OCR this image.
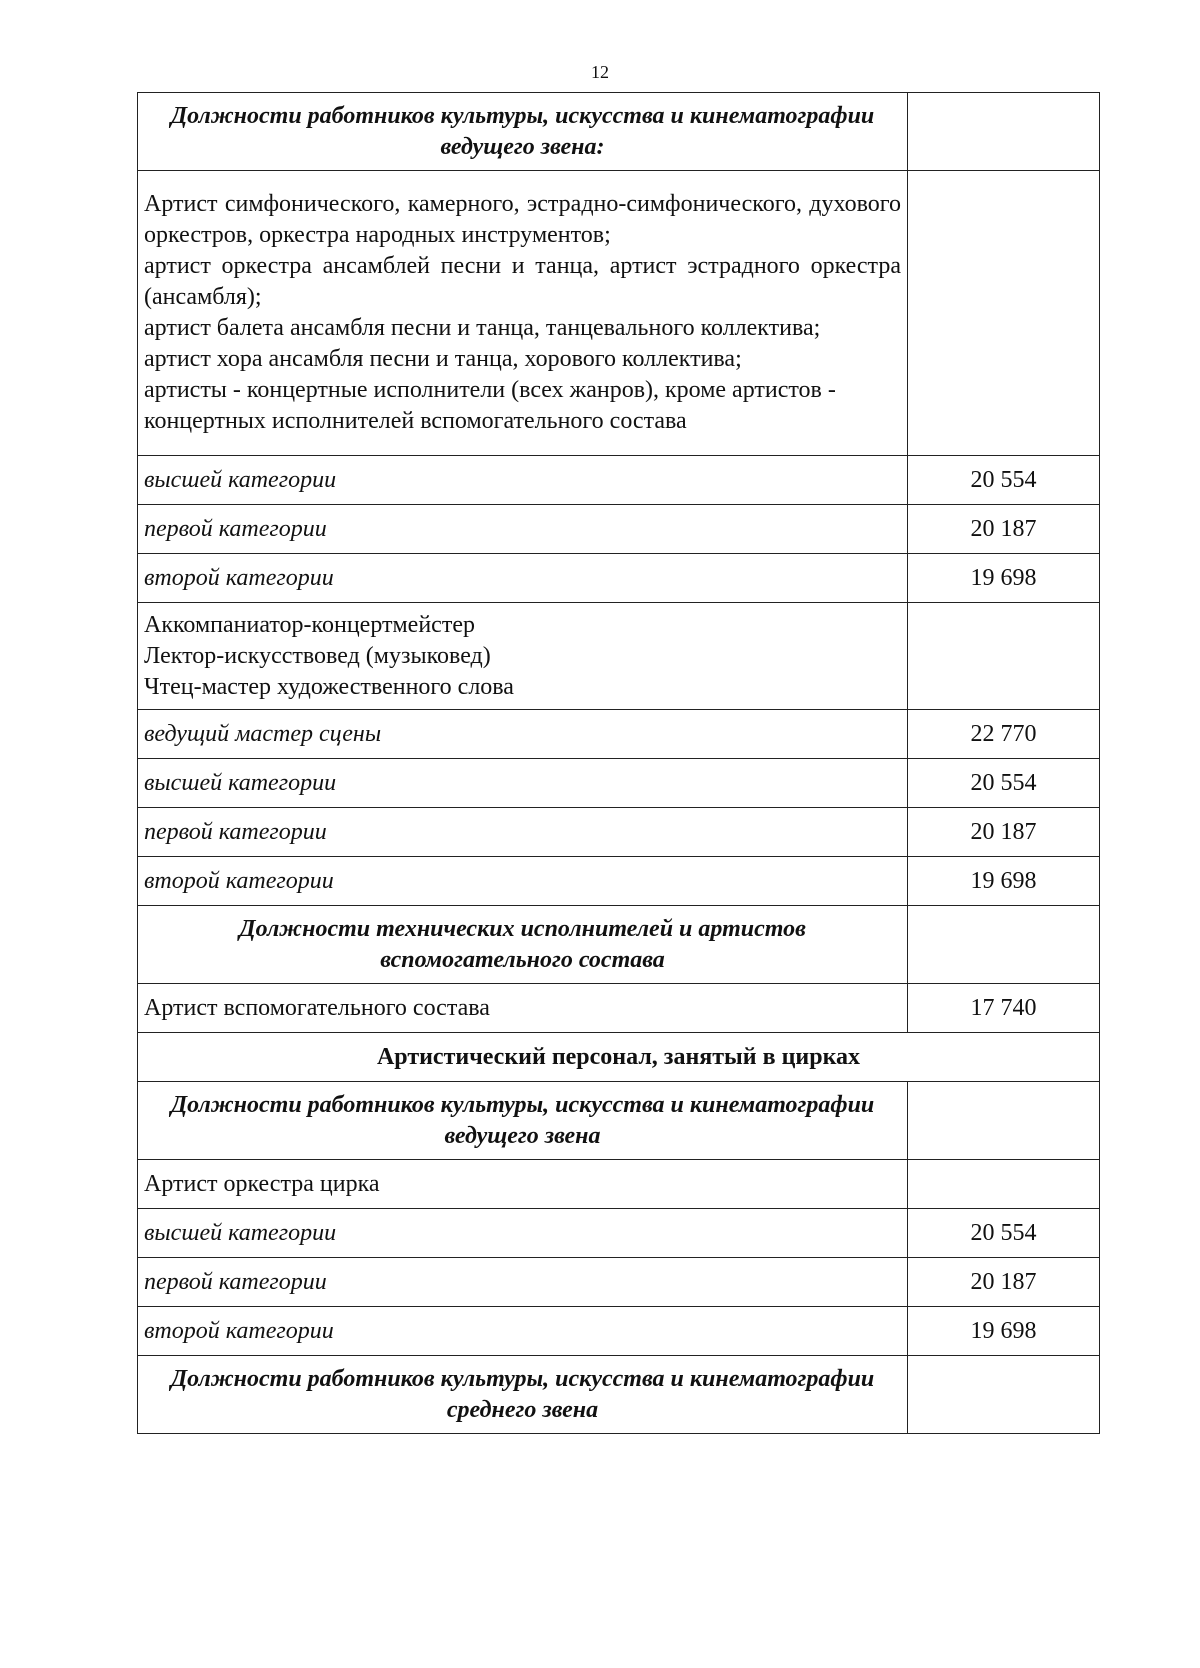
12
Должности работников культуры, искусства и кинематографии ведущего звена:	

Артист симфонического, камерного, эстрадно-симфонического, духового оркестров, оркестра народных инструментов;
артист оркестра ансамблей песни и танца, артист эстрадного оркестра (ансамбля);
артист балета ансамбля песни и танца, танцевального коллектива;
артист хора ансамбля песни и танца, хорового коллектива;
артисты - концертные исполнители (всех жанров), кроме артистов - концертных исполнителей вспомогательного состава	

высшей категории	20 554
первой категории	20 187
второй категории	19 698

Аккомпаниатор-концертмейстер
Лектор-искусствовед (музыковед)
Чтец-мастер художественного слова	

ведущий мастер сцены	22 770
высшей категории	20 554
первой категории	20 187
второй категории	19 698
Должности технических исполнителей и артистов вспомогательного состава	
Артист вспомогательного состава	17 740
Артистический персонал, занятый в цирках	
Должности работников культуры, искусства и кинематографии ведущего звена	
Артист оркестра цирка	
высшей категории	20 554
первой категории	20 187
второй категории	19 698
Должности работников культуры, искусства и кинематографии среднего звена	
